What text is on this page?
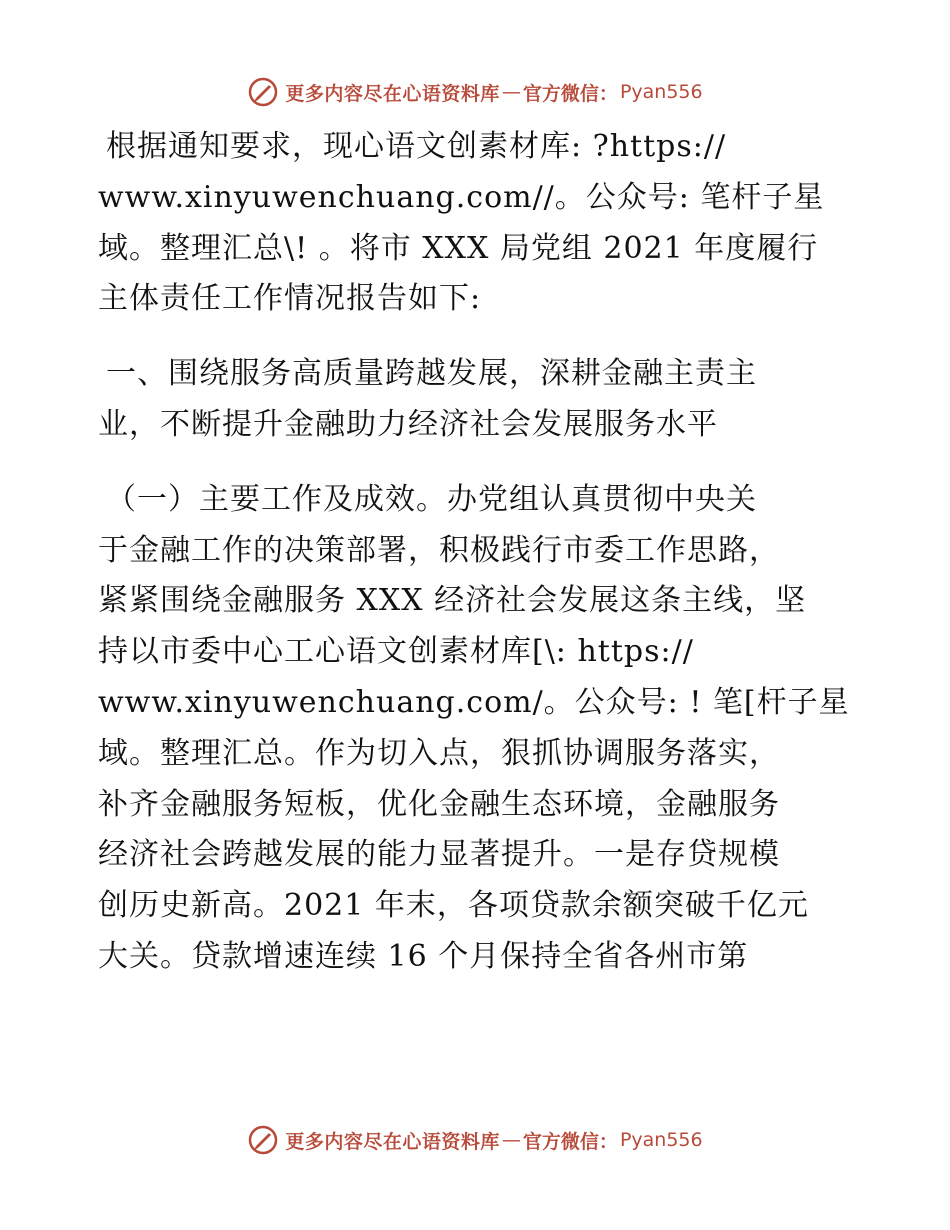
更多内容尽在心语资料库 — 官方微信： Pyan556

根据通知要求，现心语文创素材库: ?https://
www.xinyuwenchuang.com//。公众号: 笔杆子星
域。整理汇总\! 。将市 XXX 局党组 2021 年度履行
主体责任工作情况报告如下:

一、围绕服务高质量跨越发展，深耕金融主责主
业，不断提升金融助力经济社会发展服务水平

（一）主要工作及成效。办党组认真贯彻中央关
于金融工作的决策部署，积极践行市委工作思路，
紧紧围绕金融服务 XXX 经济社会发展这条主线，坚
持以市委中心工心语文创素材库[\: https://
www.xinyuwenchuang.com/。公众号: ! 笔[杆子星
域。整理汇总。作为切入点，狠抓协调服务落实，
补齐金融服务短板，优化金融生态环境，金融服务
经济社会跨越发展的能力显著提升。一是存贷规模
创历史新高。2021 年末，各项贷款余额突破千亿元
大关。贷款增速连续 16 个月保持全省各州市第

更多内容尽在心语资料库 — 官方微信： Pyan556
